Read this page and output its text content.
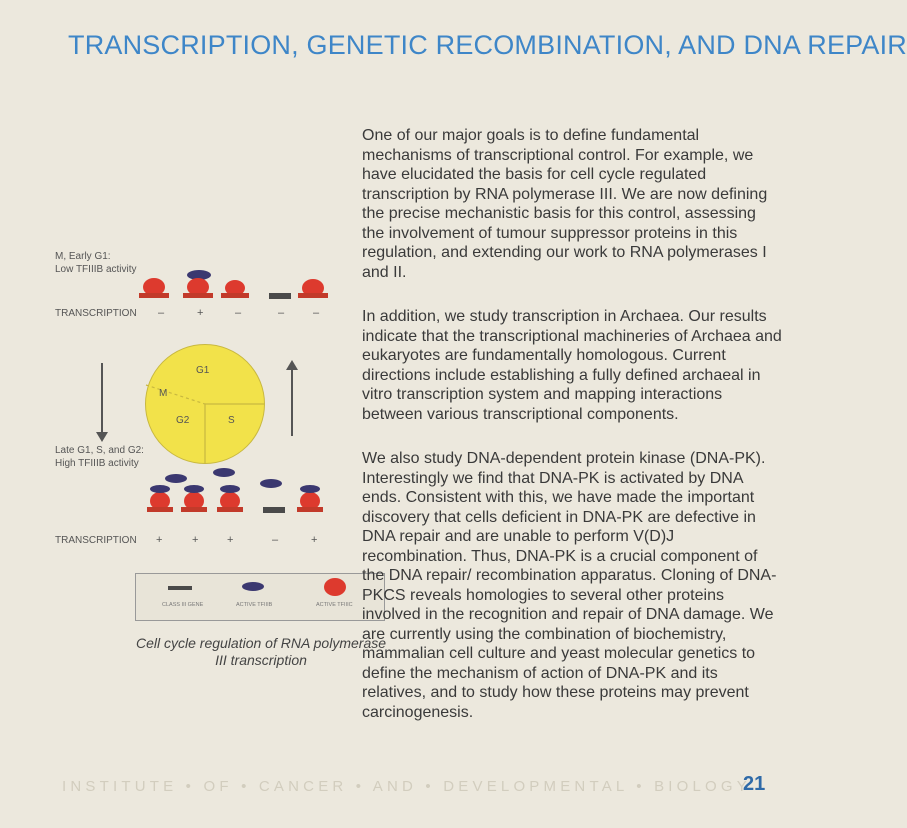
TRANSCRIPTION, GENETIC RECOMBINATION, AND DNA REPAIR
M, Early G1:
Low TFIIIB activity
TRANSCRIPTION –	+	–	–	–
G1
M
G2	S
Late G1, S, and G2:
High TFIIIB activity
TRANSCRIPTION +	+	+	–	+
CLASS III GENE	ACTIVE TFIIIB	ACTIVE TFIIIC
Cell cycle regulation of RNA polymerase III transcription

One of our major goals is to define fundamental mechanisms of transcriptional control. For example, we have elucidated the basis for cell cycle regulated transcription by RNA polymerase III. We are now defining the precise mechanistic basis for this control, assessing the involvement of tumour suppressor proteins in this regulation, and extending our work to RNA polymerases I and II.

In addition, we study transcription in Archaea. Our results indicate that the transcriptional machineries of Archaea and eukaryotes are fundamentally homologous. Current directions include establishing a fully defined archaeal in vitro transcription system and mapping interactions between various transcriptional components.

We also study DNA-dependent protein kinase (DNA-PK). Interestingly we find that DNA-PK is activated by DNA ends. Consistent with this, we have made the important discovery that cells deficient in DNA-PK are defective in DNA repair and are unable to perform V(D)J recombination. Thus, DNA-PK is a crucial component of the DNA repair/ recombination apparatus. Cloning of DNA-PKCS reveals homologies to several other proteins involved in the recognition and repair of DNA damage. We are currently using the combination of biochemistry, mammalian cell culture and yeast molecular genetics to define the mechanism of action of DNA-PK and its relatives, and to study how these proteins may prevent carcinogenesis.

INSTITUTE • OF • CANCER • AND • DEVELOPMENTAL • BIOLOGY
21
